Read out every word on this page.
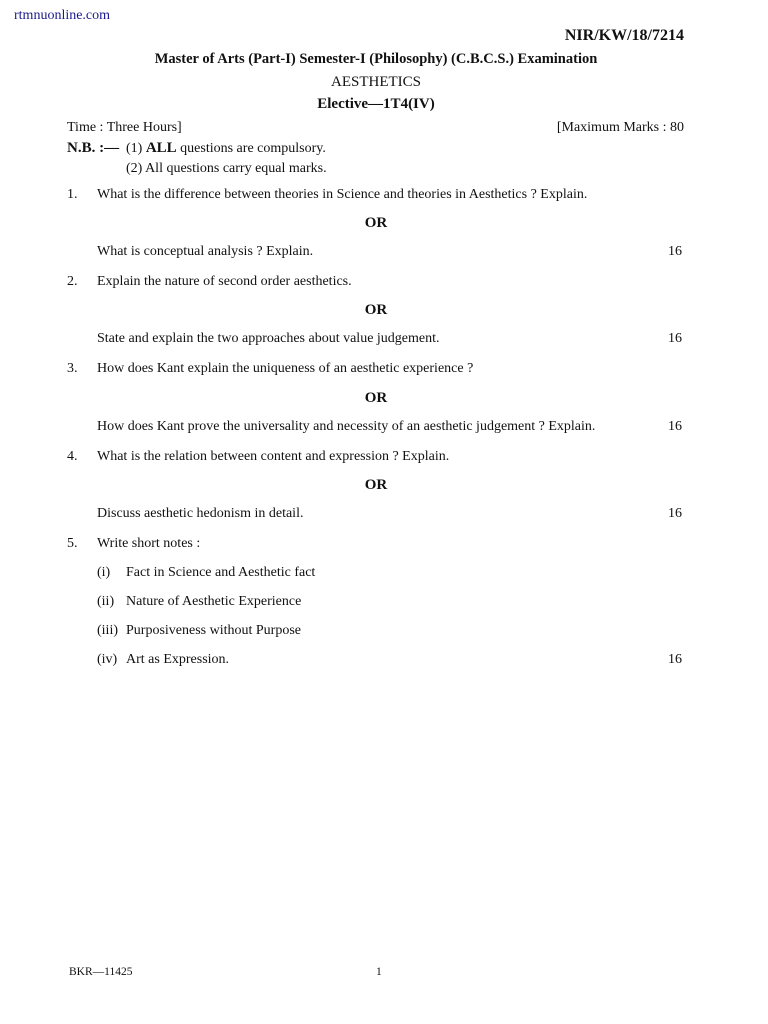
rtmnuonline.com
NIR/KW/18/7214
Master of Arts (Part-I) Semester-I (Philosophy) (C.B.C.S.) Examination
AESTHETICS
Elective—1T4(IV)
Time : Three Hours]	[Maximum Marks : 80
N.B. :— (1) ALL questions are compulsory.
(2) All questions carry equal marks.
1. What is the difference between theories in Science and theories in Aesthetics ? Explain.
OR
What is conceptual analysis ? Explain.	16
2. Explain the nature of second order aesthetics.
OR
State and explain the two approaches about value judgement.	16
3. How does Kant explain the uniqueness of an aesthetic experience ?
OR
How does Kant prove the universality and necessity of an aesthetic judgement ? Explain.	16
4. What is the relation between content and expression ? Explain.
OR
Discuss aesthetic hedonism in detail.	16
5. Write short notes :
(i) Fact in Science and Aesthetic fact
(ii) Nature of Aesthetic Experience
(iii) Purposiveness without Purpose
(iv) Art as Expression.	16
BKR—11425	1
